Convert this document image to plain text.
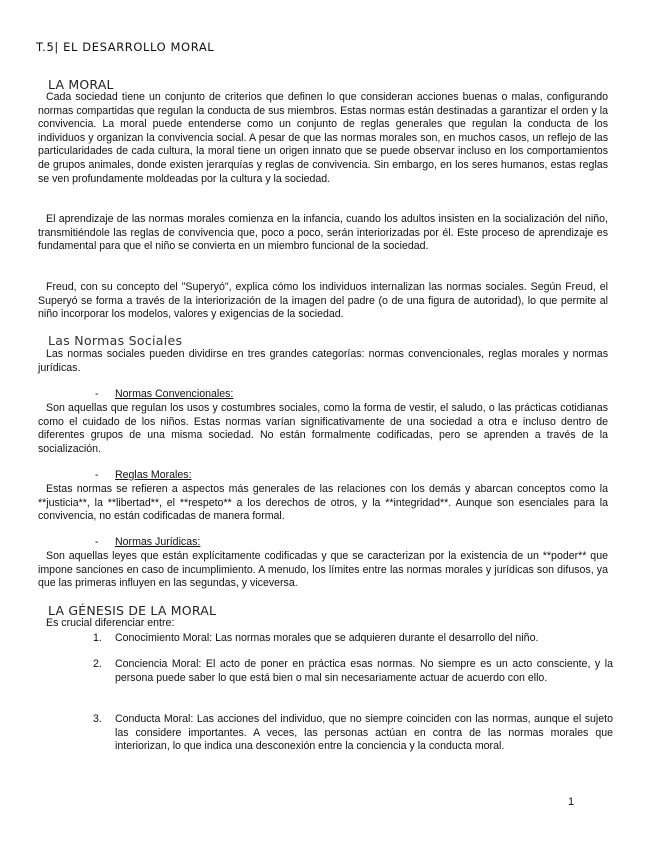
T.5| EL DESARROLLO MORAL
LA MORAL

Cada sociedad tiene un conjunto de criterios que definen lo que consideran acciones buenas o malas, configurando normas compartidas que regulan la conducta de sus miembros. Estas normas están destinadas a garantizar el orden y la convivencia. La moral puede entenderse como un conjunto de reglas generales que regulan la conducta de los individuos y organizan la convivencia social. A pesar de que las normas morales son, en muchos casos, un reflejo de las particularidades de cada cultura, la moral tiene un origen innato que se puede observar incluso en los comportamientos de grupos animales, donde existen jerarquías y reglas de convivencia. Sin embargo, en los seres humanos, estas reglas se ven profundamente moldeadas por la cultura y la sociedad.

El aprendizaje de las normas morales comienza en la infancia, cuando los adultos insisten en la socialización del niño, transmitiéndole las reglas de convivencia que, poco a poco, serán interiorizadas por él. Este proceso de aprendizaje es fundamental para que el niño se convierta en un miembro funcional de la sociedad.

Freud, con su concepto del "Superyó", explica cómo los individuos internalizan las normas sociales. Según Freud, el Superyó se forma a través de la interiorización de la imagen del padre (o de una figura de autoridad), lo que permite al niño incorporar los modelos, valores y exigencias de la sociedad.

Las Normas Sociales

Las normas sociales pueden dividirse en tres grandes categorías: normas convencionales, reglas morales y normas jurídicas.

- Normas Convencionales:

Son aquellas que regulan los usos y costumbres sociales, como la forma de vestir, el saludo, o las prácticas cotidianas como el cuidado de los niños. Estas normas varían significativamente de una sociedad a otra e incluso dentro de diferentes grupos de una misma sociedad. No están formalmente codificadas, pero se aprenden a través de la socialización.

- Reglas Morales:

Estas normas se refieren a aspectos más generales de las relaciones con los demás y abarcan conceptos como la **justicia**, la **libertad**, el **respeto** a los derechos de otros, y la **integridad**. Aunque son esenciales para la convivencia, no están codificadas de manera formal.

- Normas Jurídicas:

Son aquellas leyes que están explícitamente codificadas y que se caracterizan por la existencia de un **poder** que impone sanciones en caso de incumplimiento. A menudo, los límites entre las normas morales y jurídicas son difusos, ya que las primeras influyen en las segundas, y viceversa.

LA GÉNESIS DE LA MORAL
Es crucial diferenciar entre:
1.	Conocimiento Moral: Las normas morales que se adquieren durante el desarrollo del niño.
2.	Conciencia Moral: El acto de poner en práctica esas normas. No siempre es un acto consciente, y la persona puede saber lo que está bien o mal sin necesariamente actuar de acuerdo con ello.
3.	Conducta Moral: Las acciones del individuo, que no siempre coinciden con las normas, aunque el sujeto las considere importantes. A veces, las personas actúan en contra de las normas morales que interiorizan, lo que indica una desconexión entre la conciencia y la conducta moral.
1
